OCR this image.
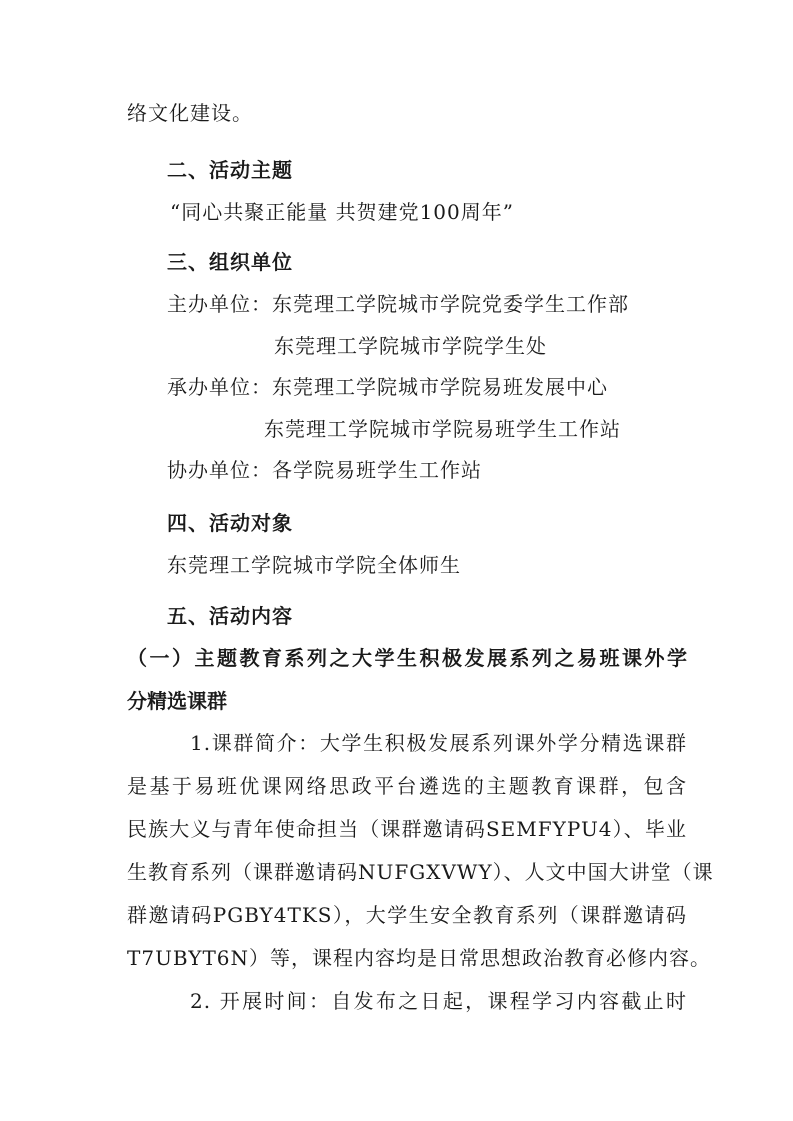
络文化建设。
二、活动主题
“同心共聚正能量 共贺建党100周年”
三、组织单位
主办单位：东莞理工学院城市学院党委学生工作部
东莞理工学院城市学院学生处
承办单位：东莞理工学院城市学院易班发展中心
东莞理工学院城市学院易班学生工作站
协办单位：各学院易班学生工作站
四、活动对象
东莞理工学院城市学院全体师生
五、活动内容
（一）主题教育系列之大学生积极发展系列之易班课外学
分精选课群
1.课群简介：大学生积极发展系列课外学分精选课群
是基于易班优课网络思政平台遴选的主题教育课群，包含
民族大义与青年使命担当（课群邀请码SEMFYPU4）、毕业
生教育系列（课群邀请码NUFGXVWY）、人文中国大讲堂（课
群邀请码PGBY4TKS），大学生安全教育系列（课群邀请码
T7UBYT6N）等，课程内容均是日常思想政治教育必修内容。
2. 开展时间：自发布之日起，课程学习内容截止时
